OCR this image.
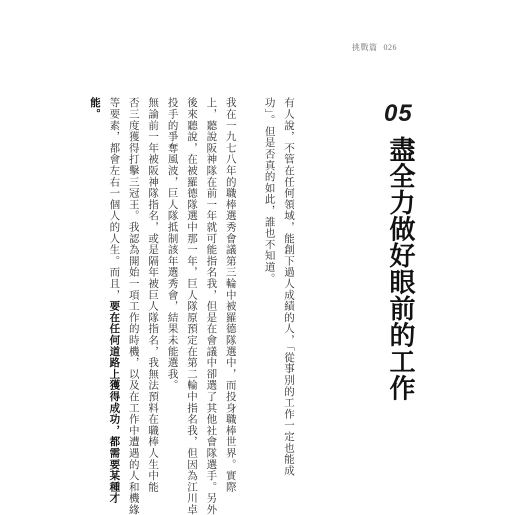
挑戰篇 026
05
盡全力做好眼前的工作
有人說，不管在任何領域，能創下過人成績的人，「從事別的工作一定也能成
功」。但是否真的如此，誰也不知道。

我在一九七八年的職棒選秀會議第三輪中被羅德隊選中，而投身職棒世界。實際
上，聽說阪神隊在前一年就可能指名我，但是在會議中卻選了其他社會隊選手。另外
後來聽說，在被羅德隊選中那一年，巨人隊原預定在第二輪中指名我，但因為江川卓
投手的爭奪風波，巨人隊抵制該年選秀會，結果未能選我。
無論前一年被阪神隊指名，或是隔年被巨人隊指名，我無法預料在職棒人生中能
否三度獲得打擊三冠王。我認為開始一項工作的時機，以及在工作中遭遇的人和機緣
等要素，都會左右一個人的人生。而且，要在任何道路上獲得成功，都需要某種才
能。
